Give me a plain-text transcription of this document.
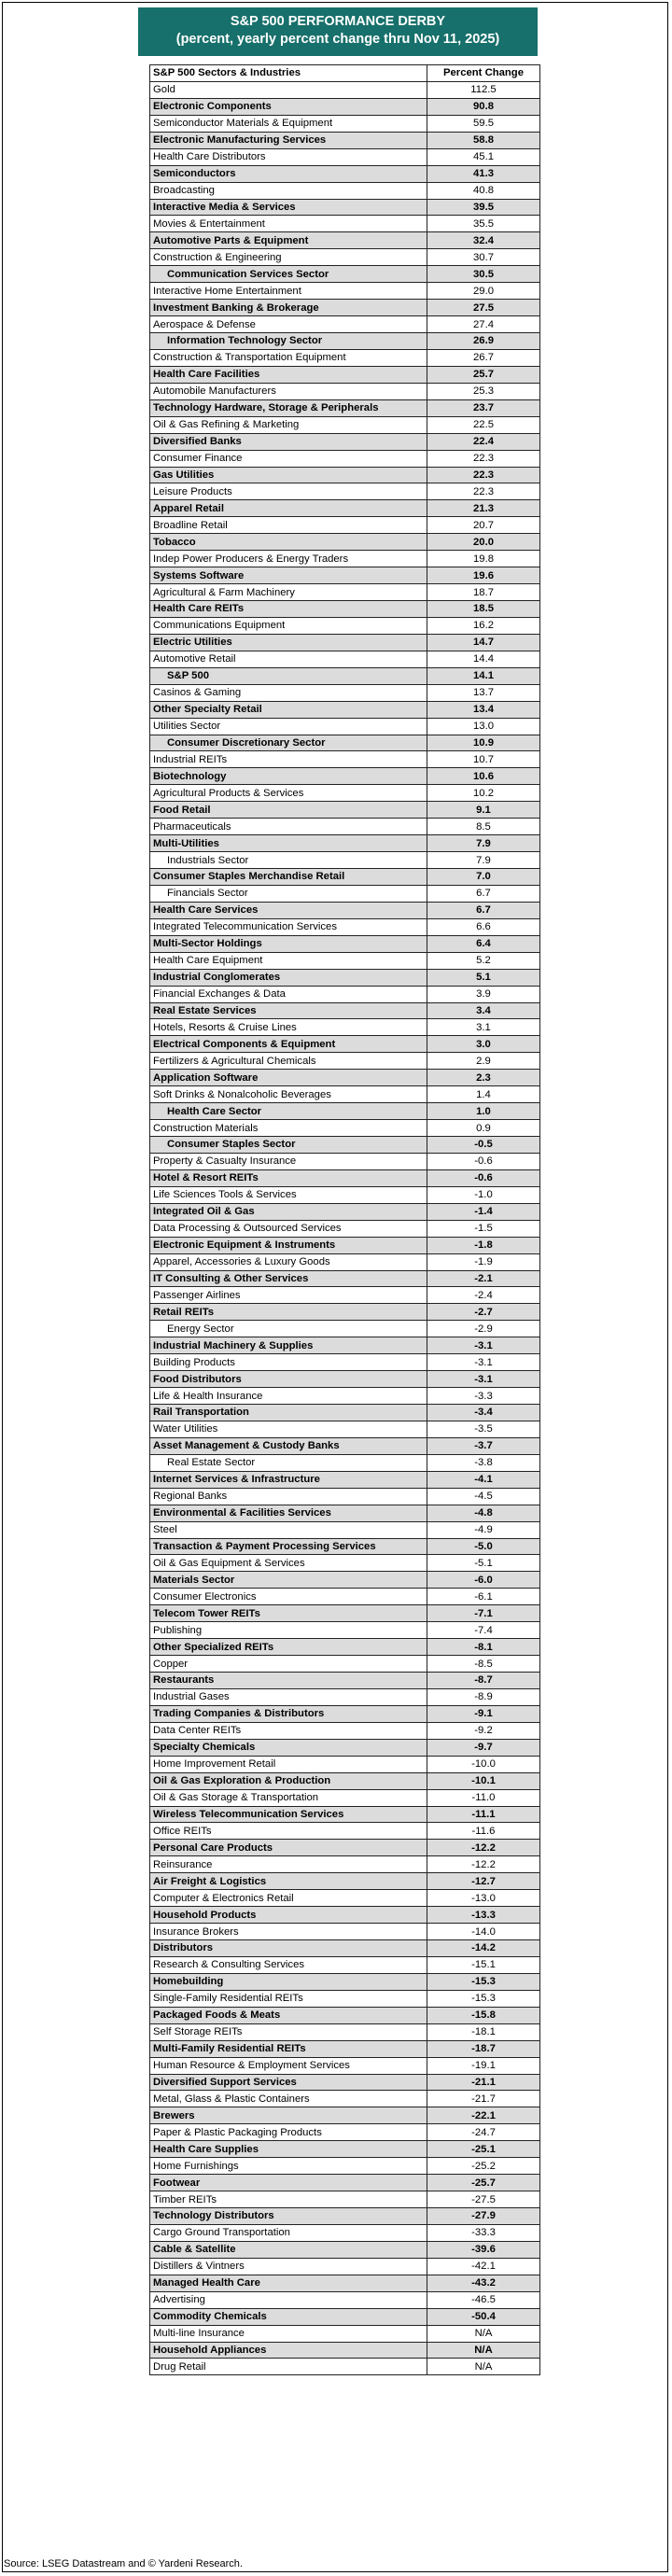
S&P 500 PERFORMANCE DERBY
(percent, yearly percent change thru Nov 11, 2025)
S&P 500 Sectors & Industries	Percent Change
Gold	112.5
Electronic Components	90.8
Semiconductor Materials & Equipment	59.5
Electronic Manufacturing Services	58.8
Health Care Distributors	45.1
Semiconductors	41.3
Broadcasting	40.8
Interactive Media & Services	39.5
Movies & Entertainment	35.5
Automotive Parts & Equipment	32.4
Construction & Engineering	30.7
Communication Services Sector	30.5
Interactive Home Entertainment	29.0
Investment Banking & Brokerage	27.5
Aerospace & Defense	27.4
Information Technology Sector	26.9
Construction & Transportation Equipment	26.7
Health Care Facilities	25.7
Automobile Manufacturers	25.3
Technology Hardware, Storage & Peripherals	23.7
Oil & Gas Refining & Marketing	22.5
Diversified Banks	22.4
Consumer Finance	22.3
Gas Utilities	22.3
Leisure Products	22.3
Apparel Retail	21.3
Broadline Retail	20.7
Tobacco	20.0
Indep Power Producers & Energy Traders	19.8
Systems Software	19.6
Agricultural & Farm Machinery	18.7
Health Care REITs	18.5
Communications Equipment	16.2
Electric Utilities	14.7
Automotive Retail	14.4
S&P 500	14.1
Casinos & Gaming	13.7
Other Specialty Retail	13.4
Utilities Sector	13.0
Consumer Discretionary Sector	10.9
Industrial REITs	10.7
Biotechnology	10.6
Agricultural Products & Services	10.2
Food Retail	9.1
Pharmaceuticals	8.5
Multi-Utilities	7.9
Industrials Sector	7.9
Consumer Staples Merchandise Retail	7.0
Financials Sector	6.7
Health Care Services	6.7
Integrated Telecommunication Services	6.6
Multi-Sector Holdings	6.4
Health Care Equipment	5.2
Industrial Conglomerates	5.1
Financial Exchanges & Data	3.9
Real Estate Services	3.4
Hotels, Resorts & Cruise Lines	3.1
Electrical Components & Equipment	3.0
Fertilizers & Agricultural Chemicals	2.9
Application Software	2.3
Soft Drinks & Nonalcoholic Beverages	1.4
Health Care Sector	1.0
Construction Materials	0.9
Consumer Staples Sector	-0.5
Property & Casualty Insurance	-0.6
Hotel & Resort REITs	-0.6
Life Sciences Tools & Services	-1.0
Integrated Oil & Gas	-1.4
Data Processing & Outsourced Services	-1.5
Electronic Equipment & Instruments	-1.8
Apparel, Accessories & Luxury Goods	-1.9
IT Consulting & Other Services	-2.1
Passenger Airlines	-2.4
Retail REITs	-2.7
Energy Sector	-2.9
Industrial Machinery & Supplies	-3.1
Building Products	-3.1
Food Distributors	-3.1
Life & Health Insurance	-3.3
Rail Transportation	-3.4
Water Utilities	-3.5
Asset Management & Custody Banks	-3.7
Real Estate Sector	-3.8
Internet Services & Infrastructure	-4.1
Regional Banks	-4.5
Environmental & Facilities Services	-4.8
Steel	-4.9
Transaction & Payment Processing Services	-5.0
Oil & Gas Equipment & Services	-5.1
Materials Sector	-6.0
Consumer Electronics	-6.1
Telecom Tower REITs	-7.1
Publishing	-7.4
Other Specialized REITs	-8.1
Copper	-8.5
Restaurants	-8.7
Industrial Gases	-8.9
Trading Companies & Distributors	-9.1
Data Center REITs	-9.2
Specialty Chemicals	-9.7
Home Improvement Retail	-10.0
Oil & Gas Exploration & Production	-10.1
Oil & Gas Storage & Transportation	-11.0
Wireless Telecommunication Services	-11.1
Office REITs	-11.6
Personal Care Products	-12.2
Reinsurance	-12.2
Air Freight & Logistics	-12.7
Computer & Electronics Retail	-13.0
Household Products	-13.3
Insurance Brokers	-14.0
Distributors	-14.2
Research & Consulting Services	-15.1
Homebuilding	-15.3
Single-Family Residential REITs	-15.3
Packaged Foods & Meats	-15.8
Self Storage REITs	-18.1
Multi-Family Residential REITs	-18.7
Human Resource & Employment Services	-19.1
Diversified Support Services	-21.1
Metal, Glass & Plastic Containers	-21.7
Brewers	-22.1
Paper & Plastic Packaging Products	-24.7
Health Care Supplies	-25.1
Home Furnishings	-25.2
Footwear	-25.7
Timber REITs	-27.5
Technology Distributors	-27.9
Cargo Ground Transportation	-33.3
Cable & Satellite	-39.6
Distillers & Vintners	-42.1
Managed Health Care	-43.2
Advertising	-46.5
Commodity Chemicals	-50.4
Multi-line Insurance	N/A
Household Appliances	N/A
Drug Retail	N/A
Source: LSEG Datastream and © Yardeni Research.
